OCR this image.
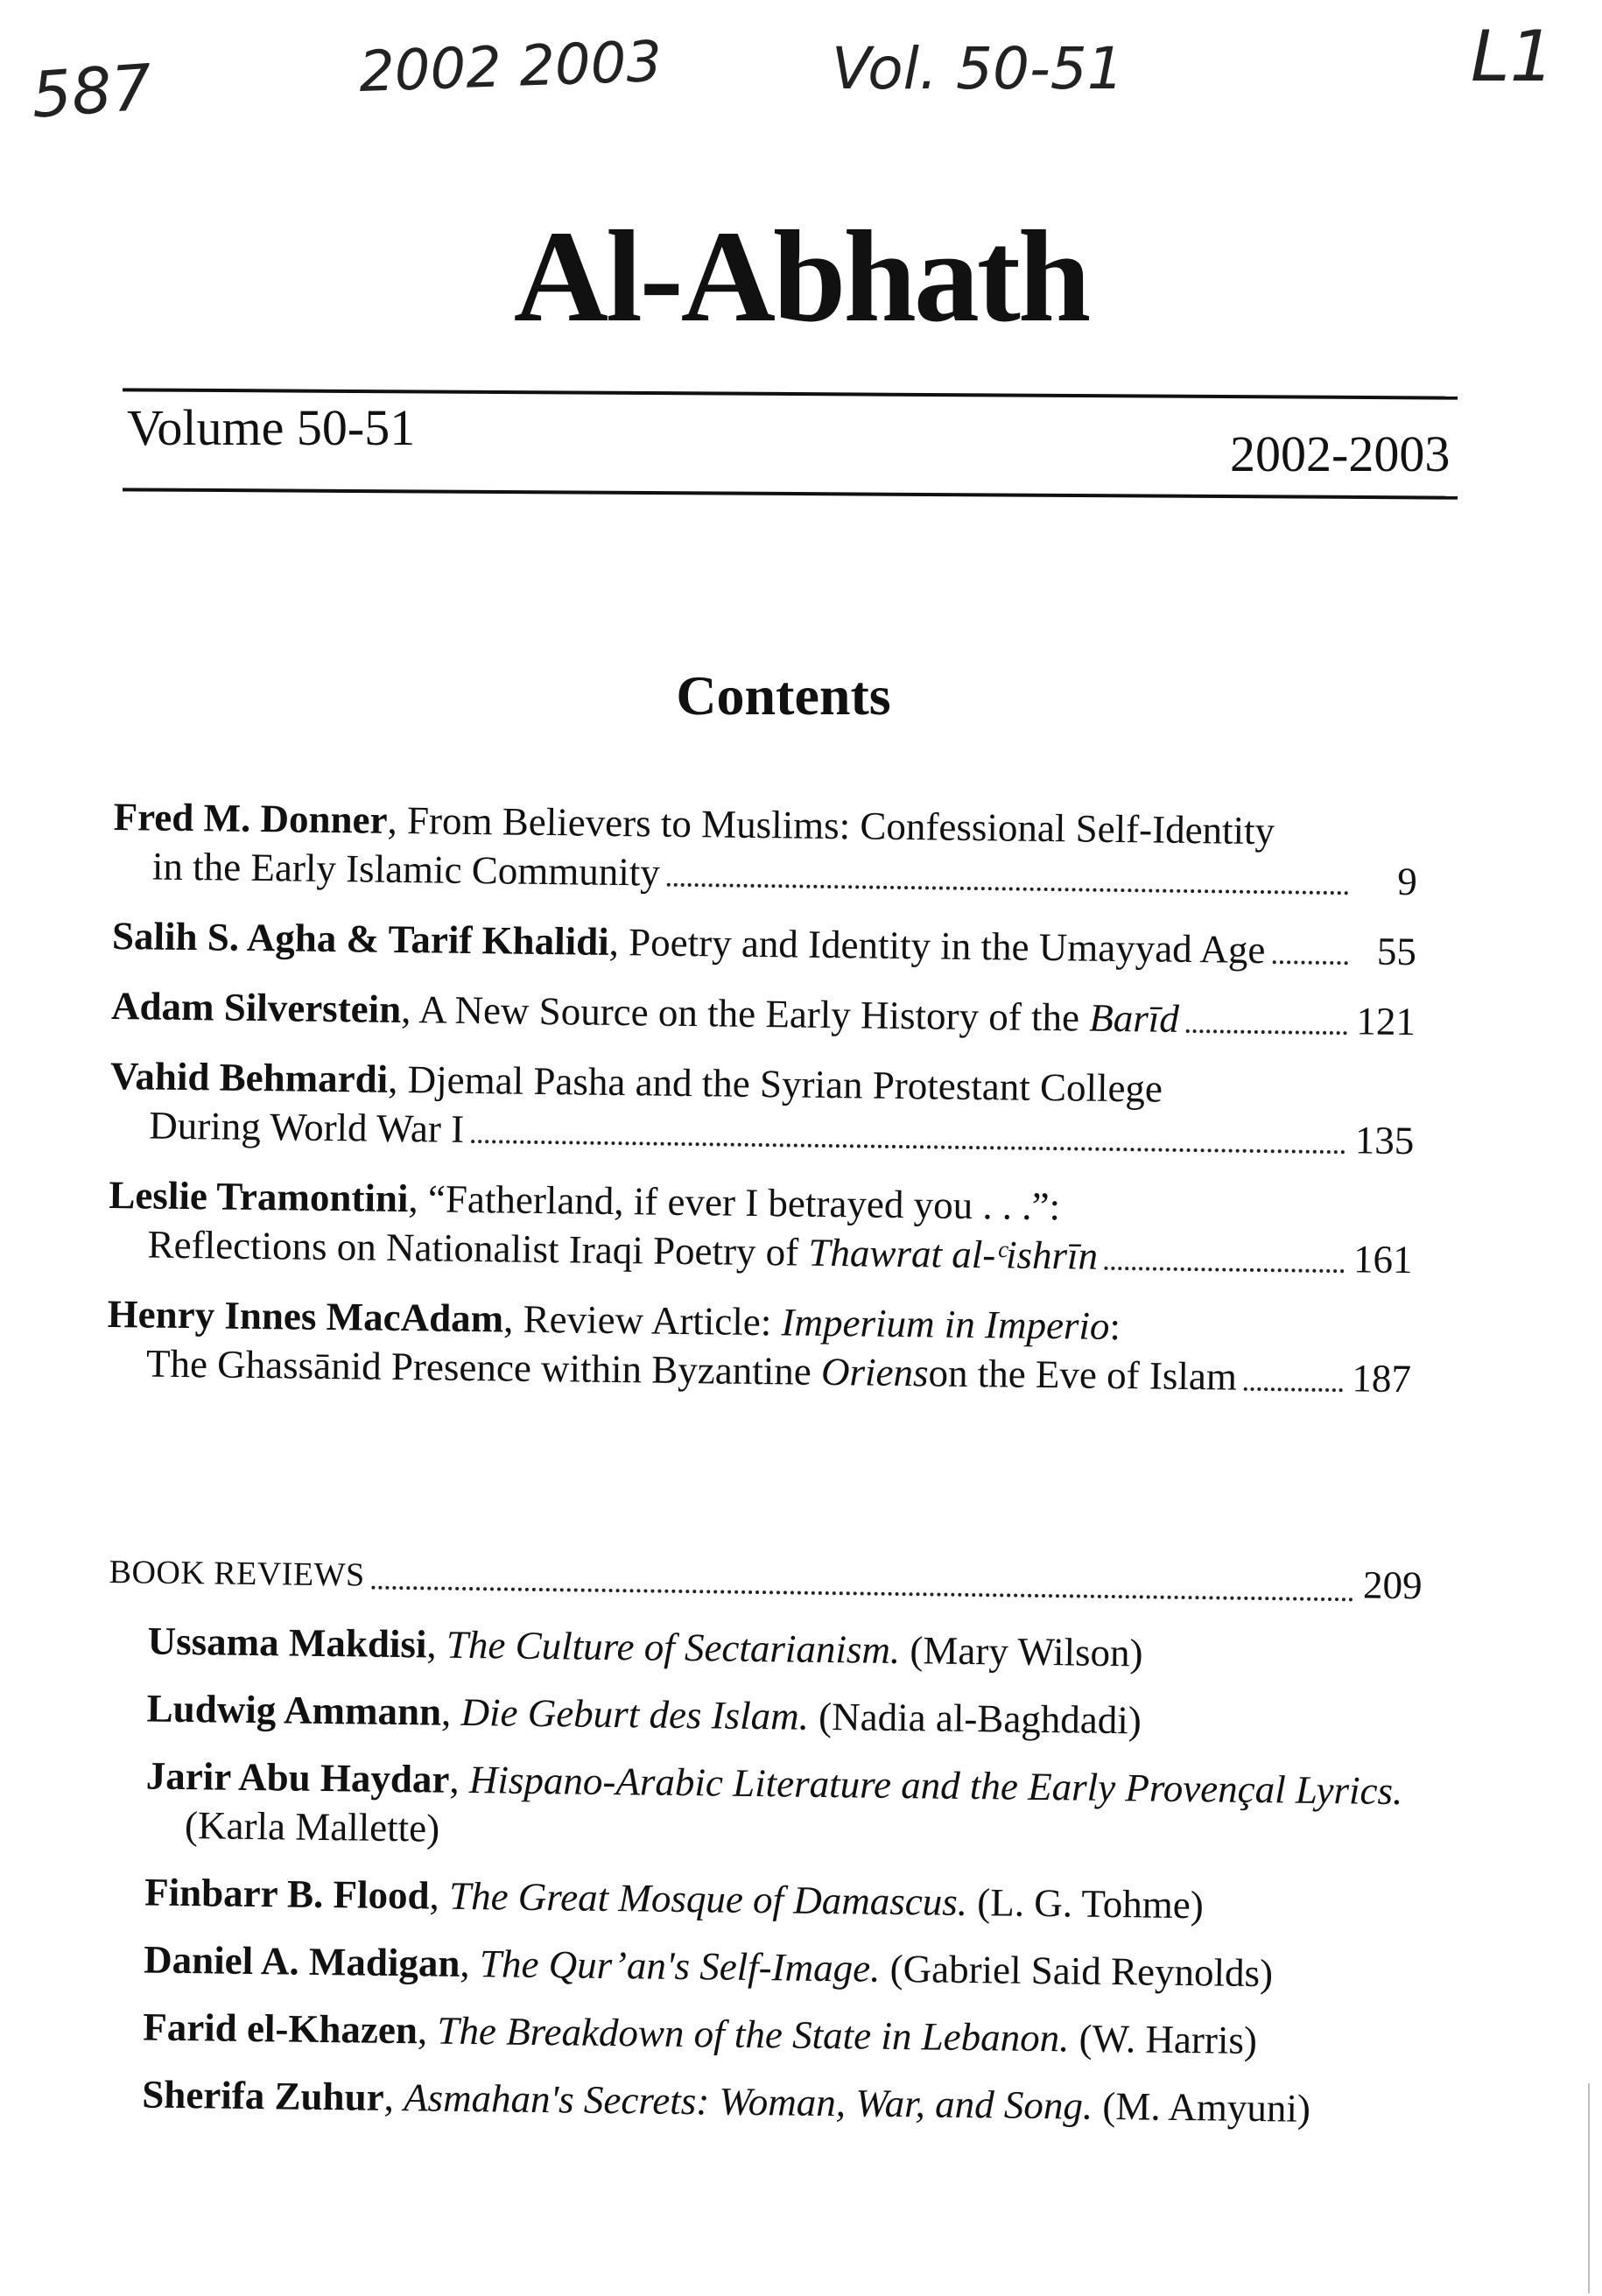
587	2002 2003	Vol. 50-51	L1
Al-Abhath
Volume 50-51	2002-2003
Contents
Fred M. Donner , From Believers to Muslims: Confessional Self-Identity
in the Early Islamic Community	9
Salih S. Agha & Tarif Khalidi , Poetry and Identity in the Umayyad Age	55
Adam Silverstein , A New Source on the Early History of the
Barīd	121
Vahid Behmardi , Djemal Pasha and the Syrian Protestant College
During World War I	135
Leslie Tramontini , “Fatherland, if ever I betrayed you . . .”:
Reflections on Nationalist Iraqi Poetry of
Thawrat al-ᶜishrīn	161
Henry Innes MacAdam , Review Article:
Imperium in Imperio :
The Ghassānid Presence within Byzantine
Oriens on the Eve of Islam	187
BOOK REVIEWS	209
Ussama Makdisi, The Culture of Sectarianism. (Mary Wilson)
Ludwig Ammann, Die Geburt des Islam. (Nadia al-Baghdadi)
Jarir Abu Haydar, Hispano-Arabic Literature and the Early Provençal Lyrics.
(Karla Mallette)
Finbarr B. Flood, The Great Mosque of Damascus. (L. G. Tohme)
Daniel A. Madigan, The Qur’an's Self-Image. (Gabriel Said Reynolds)
Farid el-Khazen, The Breakdown of the State in Lebanon. (W. Harris)
Sherifa Zuhur, Asmahan's Secrets: Woman, War, and Song. (M. Amyuni)
